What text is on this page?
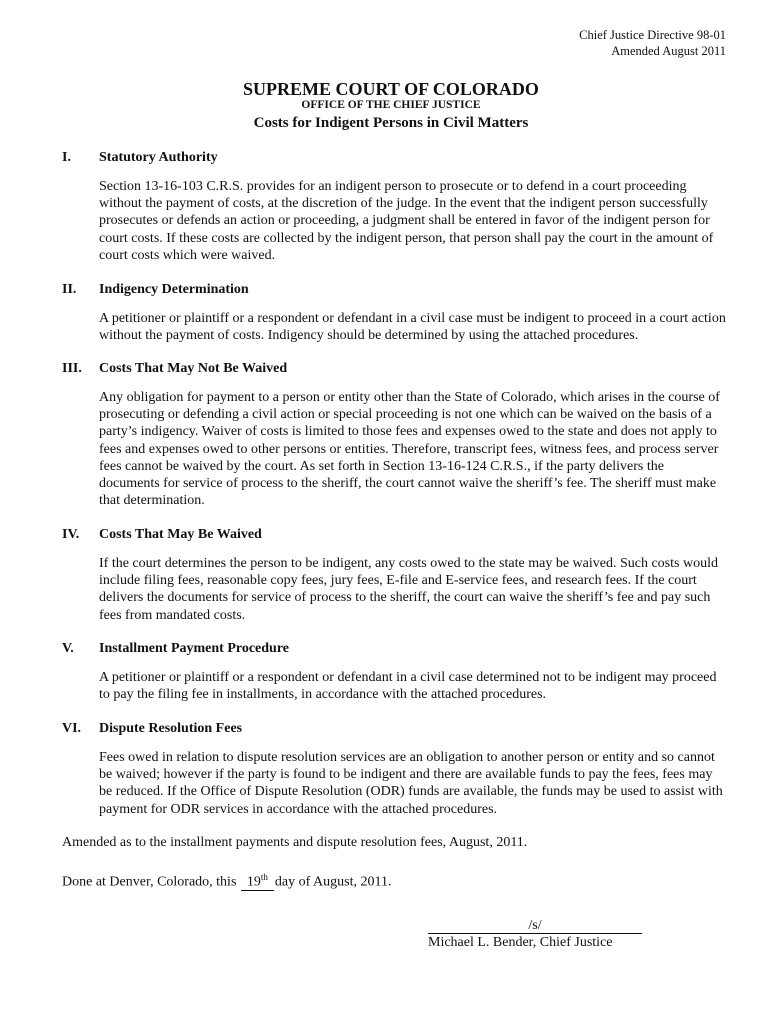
Chief Justice Directive 98-01
Amended August 2011
SUPREME COURT OF COLORADO
OFFICE OF THE CHIEF JUSTICE
Costs for Indigent Persons in Civil Matters
I.	Statutory Authority
Section 13-16-103 C.R.S. provides for an indigent person to prosecute or to defend in a court proceeding without the payment of costs, at the discretion of the judge. In the event that the indigent person successfully prosecutes or defends an action or proceeding, a judgment shall be entered in favor of the indigent person for court costs. If these costs are collected by the indigent person, that person shall pay the court in the amount of court costs which were waived.
II.	Indigency Determination
A petitioner or plaintiff or a respondent or defendant in a civil case must be indigent to proceed in a court action without the payment of costs. Indigency should be determined by using the attached procedures.
III.	Costs That May Not Be Waived
Any obligation for payment to a person or entity other than the State of Colorado, which arises in the course of prosecuting or defending a civil action or special proceeding is not one which can be waived on the basis of a party’s indigency. Waiver of costs is limited to those fees and expenses owed to the state and does not apply to fees and expenses owed to other persons or entities. Therefore, transcript fees, witness fees, and process server fees cannot be waived by the court. As set forth in Section 13-16-124 C.R.S., if the party delivers the documents for service of process to the sheriff, the court cannot waive the sheriff’s fee. The sheriff must make that determination.
IV.	Costs That May Be Waived
If the court determines the person to be indigent, any costs owed to the state may be waived. Such costs would include filing fees, reasonable copy fees, jury fees, E-file and E-service fees, and research fees. If the court delivers the documents for service of process to the sheriff, the court can waive the sheriff’s fee and pay such fees from mandated costs.
V.	Installment Payment Procedure
A petitioner or plaintiff or a respondent or defendant in a civil case determined not to be indigent may proceed to pay the filing fee in installments, in accordance with the attached procedures.
VI.	Dispute Resolution Fees
Fees owed in relation to dispute resolution services are an obligation to another person or entity and so cannot be waived; however if the party is found to be indigent and there are available funds to pay the fees, fees may be reduced. If the Office of Dispute Resolution (ODR) funds are available, the funds may be used to assist with payment for ODR services in accordance with the attached procedures.
Amended as to the installment payments and dispute resolution fees, August, 2011.
Done at Denver, Colorado, this 19th day of August, 2011.
/s/
Michael L. Bender, Chief Justice
